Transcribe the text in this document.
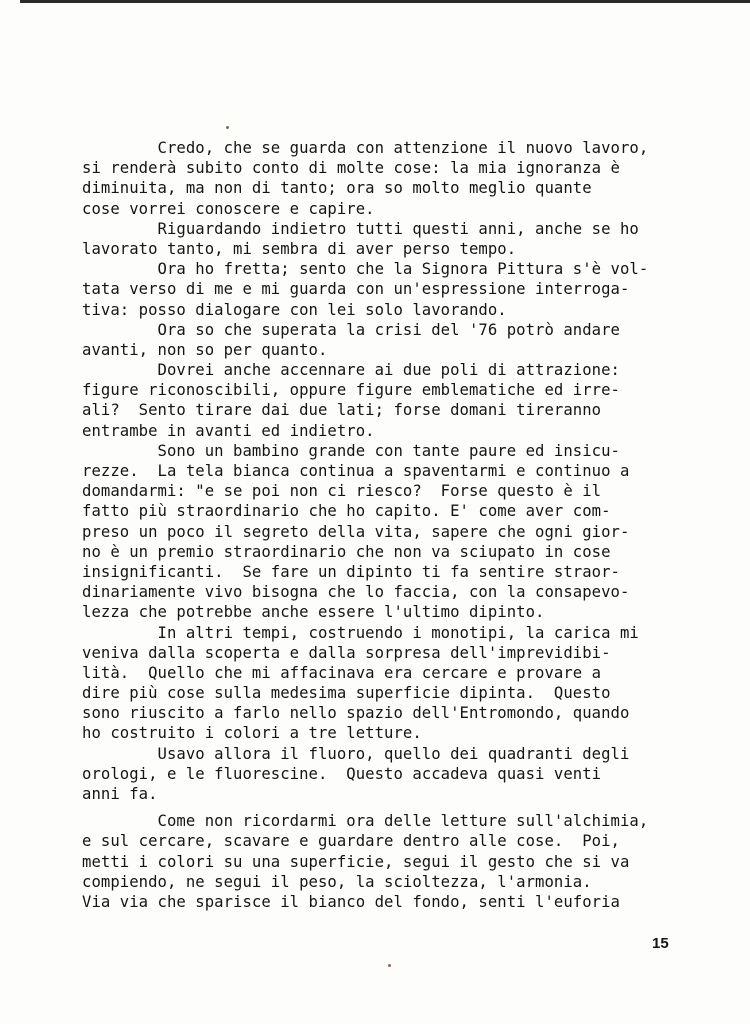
Credo, che se guarda con attenzione il nuovo lavoro,
si renderà subito conto di molte cose: la mia ignoranza è
diminuita, ma non di tanto; ora so molto meglio quante
cose vorrei conoscere e capire.
Riguardando indietro tutti questi anni, anche se ho
lavorato tanto, mi sembra di aver perso tempo.
Ora ho fretta; sento che la Signora Pittura s'è vol-
tata verso di me e mi guarda con un'espressione interroga-
tiva: posso dialogare con lei solo lavorando.
Ora so che superata la crisi del '76 potrò andare
avanti, non so per quanto.
Dovrei anche accennare ai due poli di attrazione:
figure riconoscibili, oppure figure emblematiche ed irre-
ali?  Sento tirare dai due lati; forse domani tireranno
entrambe in avanti ed indietro.
Sono un bambino grande con tante paure ed insicu-
rezze.  La tela bianca continua a spaventarmi e continuo a
domandarmi: "e se poi non ci riesco?  Forse questo è il
fatto più straordinario che ho capito. E' come aver com-
preso un poco il segreto della vita, sapere che ogni gior-
no è un premio straordinario che non va sciupato in cose
insignificanti.  Se fare un dipinto ti fa sentire straor-
dinariamente vivo bisogna che lo faccia, con la consapevo-
lezza che potrebbe anche essere l'ultimo dipinto.
In altri tempi, costruendo i monotipi, la carica mi
veniva dalla scoperta e dalla sorpresa dell'imprevidibi-
lità.  Quello che mi affacinava era cercare e provare a
dire più cose sulla medesima superficie dipinta.  Questo
sono riuscito a farlo nello spazio dell'Entromondo, quando
ho costruito i colori a tre letture.
Usavo allora il fluoro, quello dei quadranti degli
orologi, e le fluorescine.  Questo accadeva quasi venti
anni fa.
Come non ricordarmi ora delle letture sull'alchimia,
e sul cercare, scavare e guardare dentro alle cose.  Poi,
metti i colori su una superficie, segui il gesto che si va
compiendo, ne segui il peso, la scioltezza, l'armonia.
Via via che sparisce il bianco del fondo, senti l'euforia
15
